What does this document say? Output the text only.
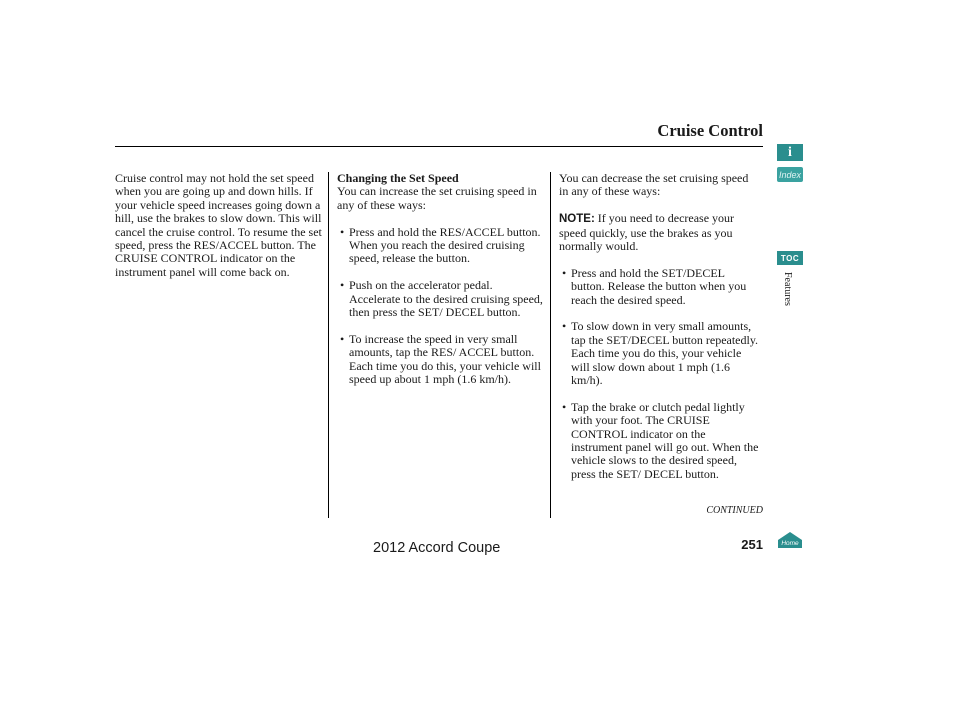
Cruise Control

Cruise control may not hold the set speed when you are going up and down hills. If your vehicle speed increases going down a hill, use the brakes to slow down. This will cancel the cruise control. To resume the set speed, press the RES/ACCEL button. The CRUISE CONTROL indicator on the instrument panel will come back on.

Changing the Set Speed

You can increase the set cruising speed in any of these ways:

• Press and hold the RES/ACCEL button. When you reach the desired cruising speed, release the button.
• Push on the accelerator pedal. Accelerate to the desired cruising speed, then press the SET/ DECEL button.
• To increase the speed in very small amounts, tap the RES/ ACCEL button. Each time you do this, your vehicle will speed up about 1 mph (1.6 km/h).

You can decrease the set cruising speed in any of these ways:

NOTE: If you need to decrease your speed quickly, use the brakes as you normally would.

• Press and hold the SET/DECEL button. Release the button when you reach the desired speed.
• To slow down in very small amounts, tap the SET/DECEL button repeatedly. Each time you do this, your vehicle will slow down about 1 mph (1.6 km/h).
• Tap the brake or clutch pedal lightly with your foot. The CRUISE CONTROL indicator on the instrument panel will go out. When the vehicle slows to the desired speed, press the SET/ DECEL button.
CONTINUED
2012 Accord Coupe	251
i
Index
TOC
Features
Home
